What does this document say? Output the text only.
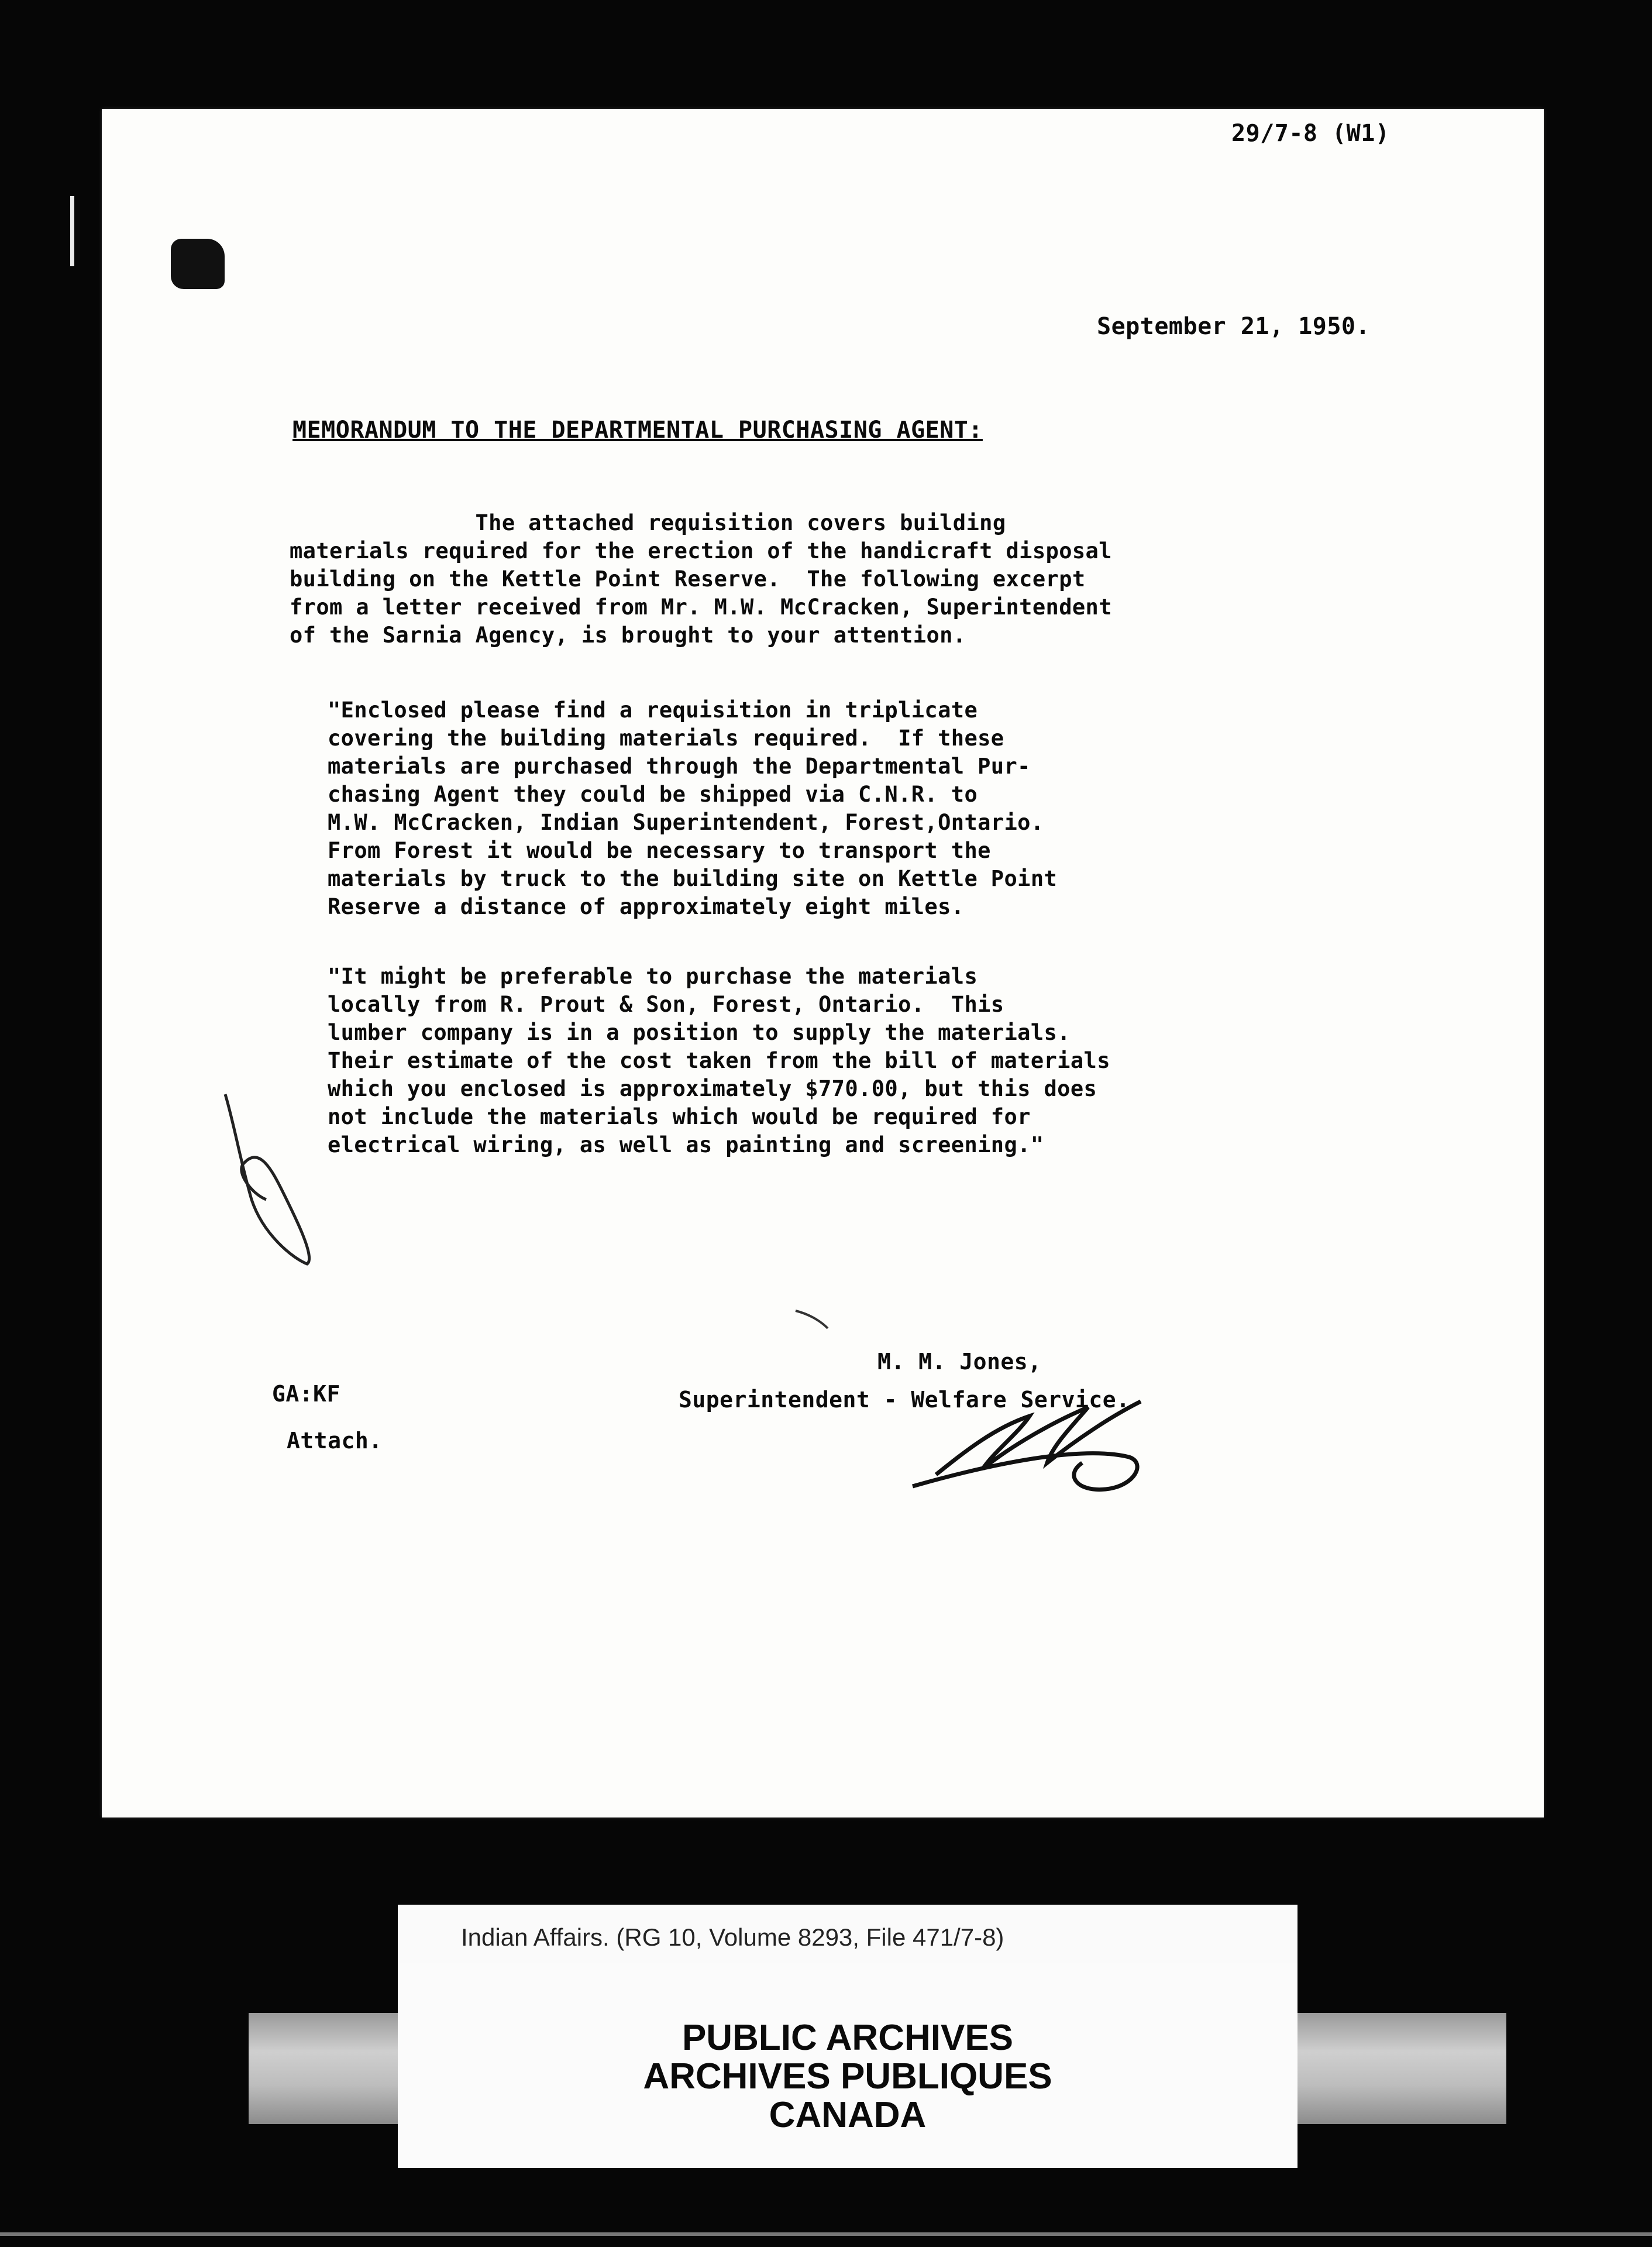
29/7-8 (W1)
September 21, 1950.
MEMORANDUM TO THE DEPARTMENTAL PURCHASING AGENT:
The attached requisition covers building
materials required for the erection of the handicraft disposal
building on the Kettle Point Reserve.  The following excerpt
from a letter received from Mr. M.W. McCracken, Superintendent
of the Sarnia Agency, is brought to your attention.
"Enclosed please find a requisition in triplicate
covering the building materials required.  If these
materials are purchased through the Departmental Pur-
chasing Agent they could be shipped via C.N.R. to
M.W. McCracken, Indian Superintendent, Forest,Ontario.
From Forest it would be necessary to transport the
materials by truck to the building site on Kettle Point
Reserve a distance of approximately eight miles.
"It might be preferable to purchase the materials
locally from R. Prout & Son, Forest, Ontario.  This
lumber company is in a position to supply the materials.
Their estimate of the cost taken from the bill of materials
which you enclosed is approximately $770.00, but this does
not include the materials which would be required for
electrical wiring, as well as painting and screening."
M. M. Jones,
Superintendent - Welfare Service.
GA:KF
Attach.
Indian Affairs. (RG 10, Volume 8293, File 471/7-8)
PUBLIC ARCHIVES
ARCHIVES PUBLIQUES
CANADA
